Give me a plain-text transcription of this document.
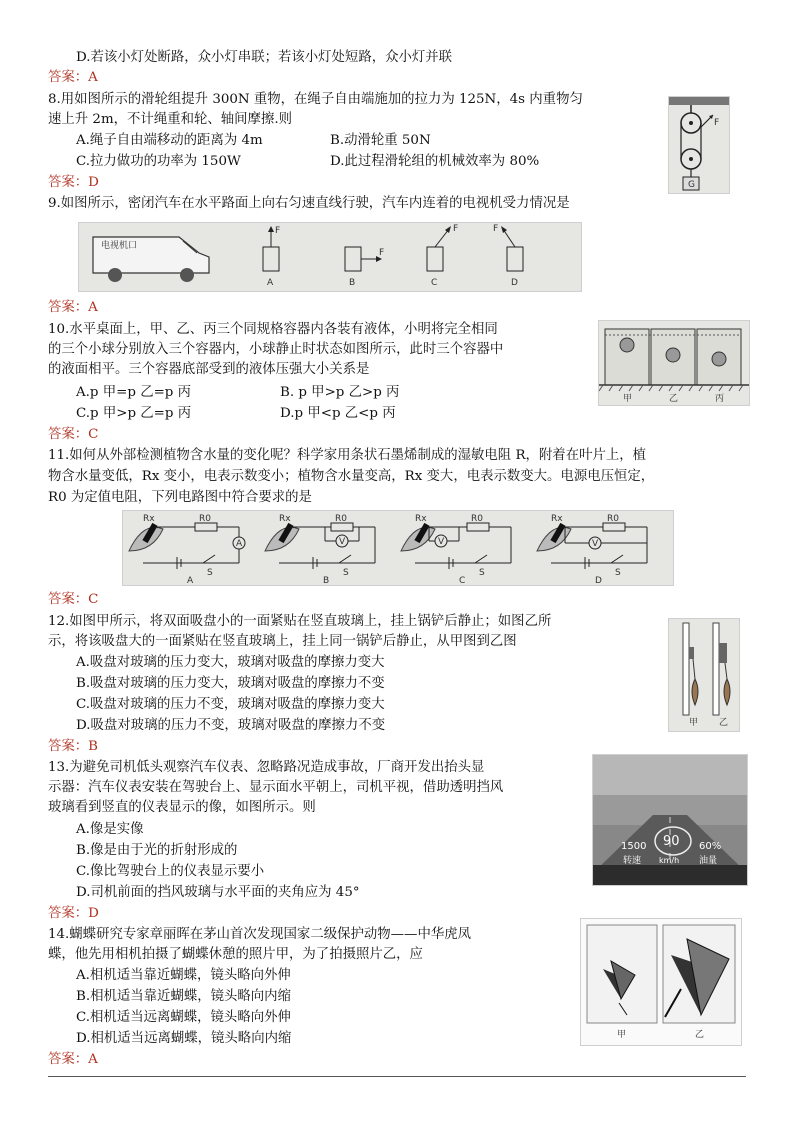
D.若该小灯处断路，众小灯串联；若该小灯处短路，众小灯并联
答案：A
8.用如图所示的滑轮组提升 300N 重物，在绳子自由端施加的拉力为 125N，4s 内重物匀
速上升 2m，不计绳重和轮、轴间摩擦.则
A.绳子自由端移动的距离为 4m	B.动滑轮重 50N
C.拉力做功的功率为 150W	D.此过程滑轮组的机械效率为 80%
答案：D
9.如图所示，密闭汽车在水平路面上向右匀速直线行驶，汽车内连着的电视机受力情况是
答案：A
10.水平桌面上，甲、乙、丙三个同规格容器内各装有液体，小明将完全相同
的三个小球分别放入三个容器内，小球静止时状态如图所示，此时三个容器中
的液面相平。三个容器底部受到的液体压强大小关系是
A.p 甲=p 乙=p 丙	B. p 甲>p 乙>p 丙
C.p 甲>p 乙=p 丙	D.p 甲<p 乙<p 丙
答案：C
11.如何从外部检测植物含水量的变化呢？科学家用条状石墨烯制成的湿敏电阻 R，附着在叶片上，植
物含水量变低，Rx 变小，电表示数变小；植物含水量变高，Rx 变大，电表示数变大。电源电压恒定，
R0 为定值电阻，下列电路图中符合要求的是
答案：C
12.如图甲所示，将双面吸盘小的一面紧贴在竖直玻璃上，挂上锅铲后静止；如图乙所
示，将该吸盘大的一面紧贴在竖直玻璃上，挂上同一锅铲后静止，从甲图到乙图
A.吸盘对玻璃的压力变大，玻璃对吸盘的摩擦力变大
B.吸盘对玻璃的压力变大，玻璃对吸盘的摩擦力不变
C.吸盘对玻璃的压力不变，玻璃对吸盘的摩擦力变大
D.吸盘对玻璃的压力不变，玻璃对吸盘的摩擦力不变
答案：B
13.为避免司机低头观察汽车仪表、忽略路况造成事故，厂商开发出抬头显
示器：汽车仪表安装在驾驶台上、显示面水平朝上，司机平视，借助透明挡风
玻璃看到竖直的仪表显示的像，如图所示。则
A.像是实像
B.像是由于光的折射形成的
C.像比驾驶台上的仪表显示要小
D.司机前面的挡风玻璃与水平面的夹角应为 45°
答案：D
14.蝴蝶研究专家章丽晖在茅山首次发现国家二级保护动物——中华虎凤
蝶，他先用相机拍摄了蝴蝶休憩的照片甲，为了拍摄照片乙，应
A.相机适当靠近蝴蝶，镜头略向外伸
B.相机适当靠近蝴蝶，镜头略向内缩
C.相机适当远离蝴蝶，镜头略向外伸
D.相机适当远离蝴蝶，镜头略向内缩
答案：A
F
G
电视机口
F
A
F
B
F
C
F
D
甲	乙	丙
A
Rx	R0
S
A
V
Rx	R0
S
B
V
Rx	R0
S
C
V
Rx	R0
S
D
甲 乙
90
1500	60%
转速 km/h 油量
甲	乙
